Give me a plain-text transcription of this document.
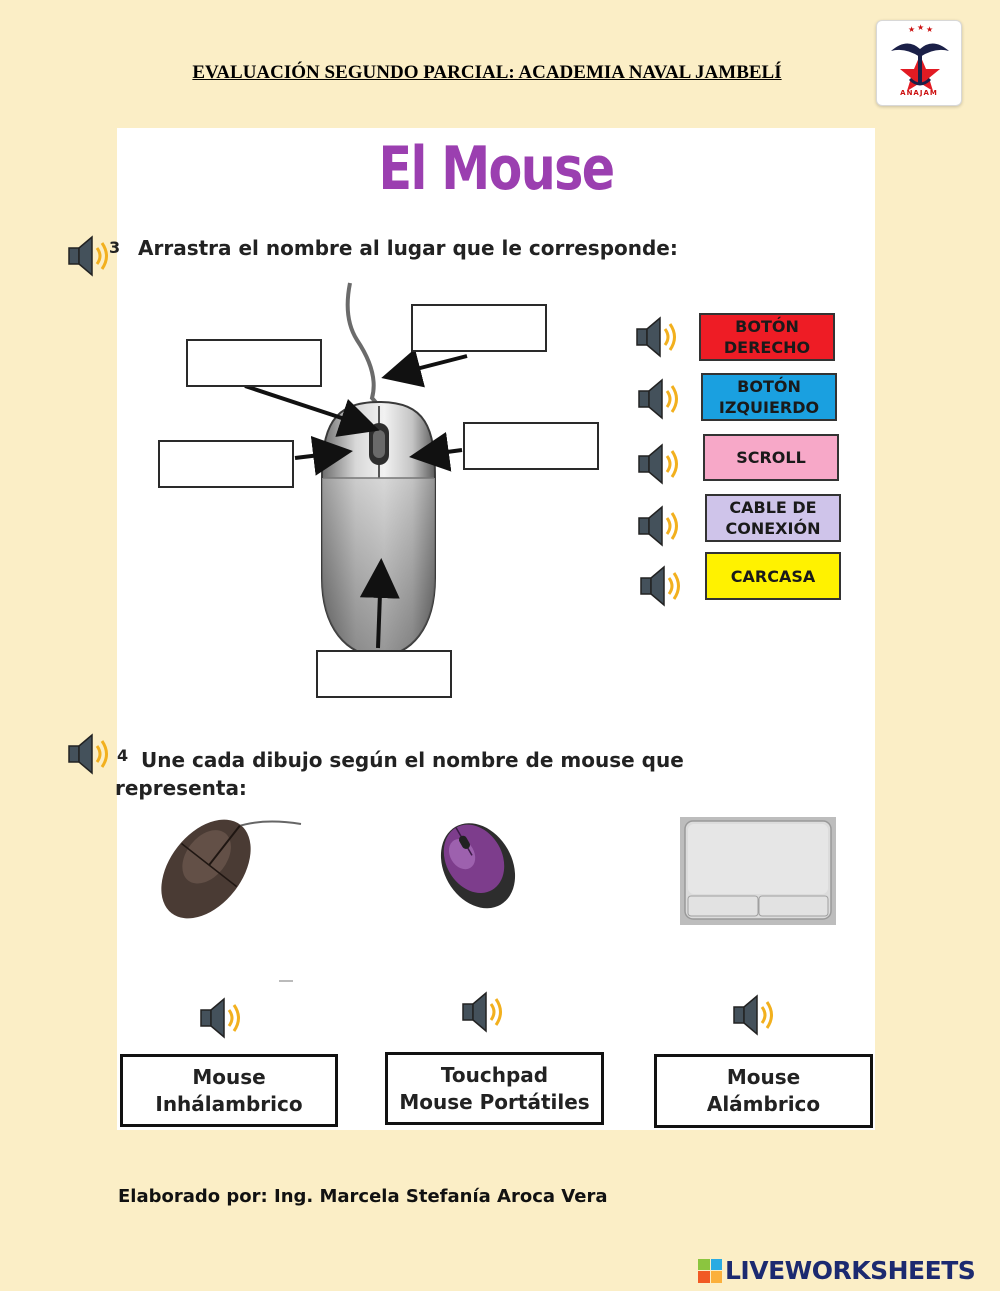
EVALUACIÓN SEGUNDO PARCIAL: ACADEMIA NAVAL JAMBELÍ
★ ★ ★
ANAJAM
El Mouse
3 Arrastra el nombre al lugar que le corresponde:
BOTÓN DERECHO
BOTÓN IZQUIERDO
SCROLL
CABLE DE CONEXIÓN
CARCASA
4 Une cada dibujo según el nombre de mouse que
representa:
Mouse
Inhálambrico
Touchpad
Mouse Portátiles
Mouse
Alámbrico
Elaborado por: Ing. Marcela Stefanía Aroca Vera
LIVEWORKSHEETS
